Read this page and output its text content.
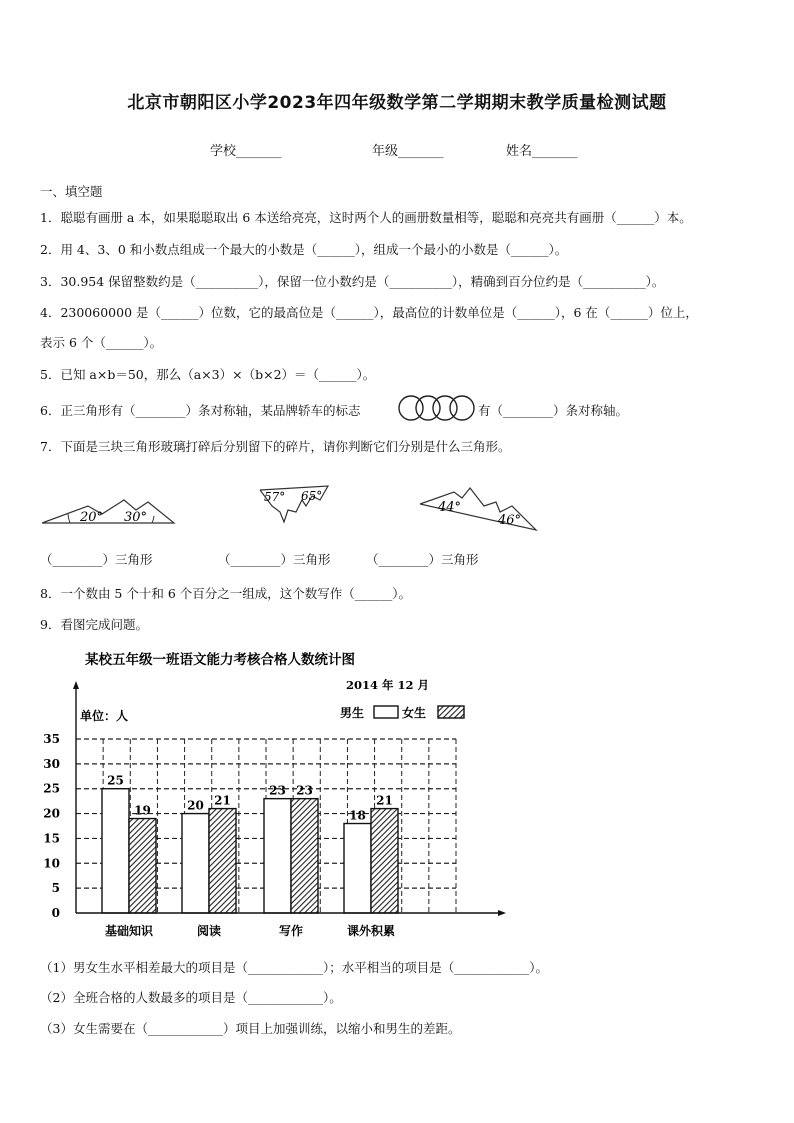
北京市朝阳区小学2023年四年级数学第二学期期末教学质量检测试题
学校_______	年级_______	姓名_______
一、填空题
1．聪聪有画册 a 本，如果聪聪取出 6 本送给亮亮，这时两个人的画册数量相等，聪聪和亮亮共有画册（______）本。
2．用 4、3、0 和小数点组成一个最大的小数是（______），组成一个最小的小数是（______）。
3．30.954 保留整数约是（__________），保留一位小数约是（__________），精确到百分位约是（__________）。
4．230060000 是（______）位数，它的最高位是（______），最高位的计数单位是（______），6 在（______）位上，
表示 6 个（______）。
5．已知 a×b＝50，那么（a×3）×（b×2）＝（______）。
6．正三角形有（________）条对称轴，某品牌轿车的标志	有（________）条对称轴。
7．下面是三块三角形玻璃打碎后分别留下的碎片，请你判断它们分别是什么三角形。
20° 30°
57° 65°
44°
46°
（________）三角形	（________）三角形	（________）三角形
8．一个数由 5 个十和 6 个百分之一组成，这个数写作（______）。
9．看图完成问题。
某校五年级一班语文能力考核合格人数统计图
2014 年 12 月
单位：人	男生	女生
0
5
10
15
20
25
30
35
25
19
基础知识
20 21
阅读
23 23
写作
18
21
课外积累
（1）男女生水平相差最大的项目是（____________）；水平相当的项目是（____________）。
（2）全班合格的人数最多的项目是（____________）。
（3）女生需要在（____________）项目上加强训练，以缩小和男生的差距。
